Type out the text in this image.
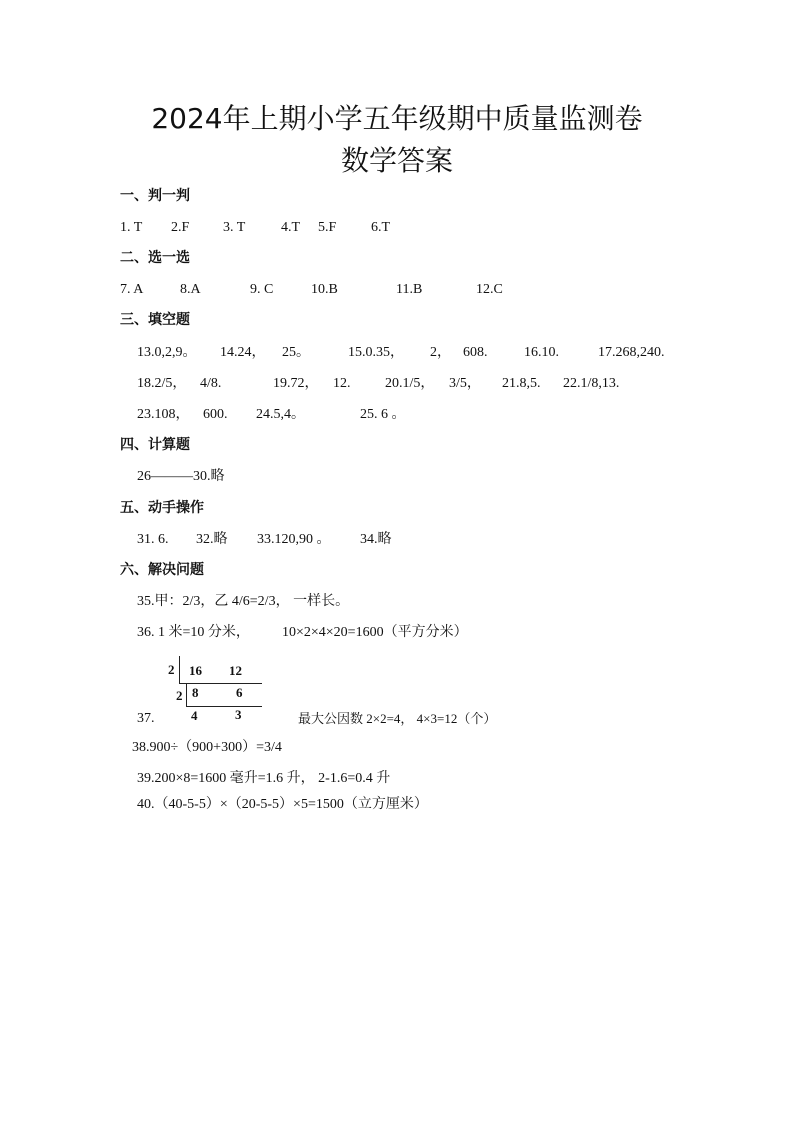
2024年上期小学五年级期中质量监测卷
数学答案
一、判一判
1. T 2.F 3. T	4.T 5.F 6.T
二、选一选
7. A	8.A	9. C	10.B	11.B	12.C
三、填空题
13.0,2,9。 14.24， 25。	15.0.35， 2， 608.	16.10.	17.268,240.
18.2/5， 4/8.	19.72， 12. 20.1/5， 3/5， 21.8,5. 22.1/8,13.
23.108， 600. 24.5,4。	25. 6 。
四、计算题
26———30.略
五、动手操作
31. 6. 32.略 33.120,90 。 34.略
六、解决问题
35.甲：2/3，乙 4/6=2/3， 一样长。
36. 1 米=10 分米， 10×2×4×20=1600（平方分米）
2 16 12
2 8	6
4	3
37.	最大公因数 2×2=4， 4×3=12（个）
38.900÷（900+300）=3/4
39.200×8=1600 毫升=1.6 升， 2-1.6=0.4 升
40.（40-5-5）×（20-5-5）×5=1500（立方厘米）
